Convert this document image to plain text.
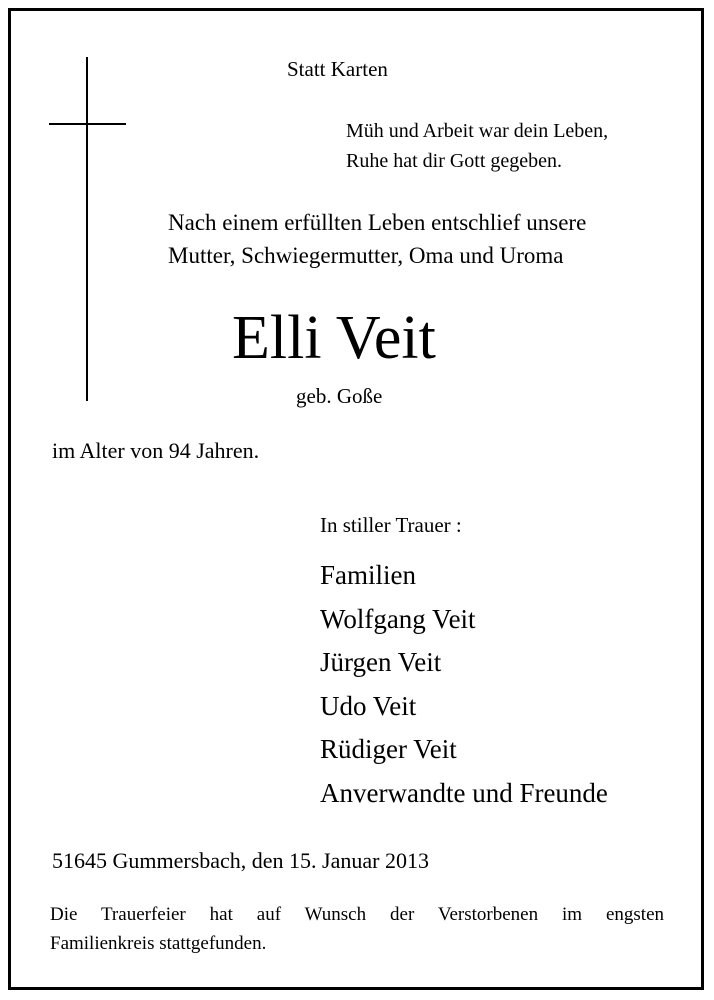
Statt Karten
Müh und Arbeit war dein Leben,
Ruhe hat dir Gott gegeben.
Nach einem erfüllten Leben entschlief unsere
Mutter, Schwiegermutter, Oma und Uroma
Elli Veit
geb. Goße
im Alter von 94 Jahren.
In stiller Trauer :
Familien
Wolfgang Veit
Jürgen Veit
Udo Veit
Rüdiger Veit
Anverwandte und Freunde
51645 Gummersbach, den 15. Januar 2013
Die Trauerfeier hat auf Wunsch der Verstorbenen im engsten
Familienkreis stattgefunden.
